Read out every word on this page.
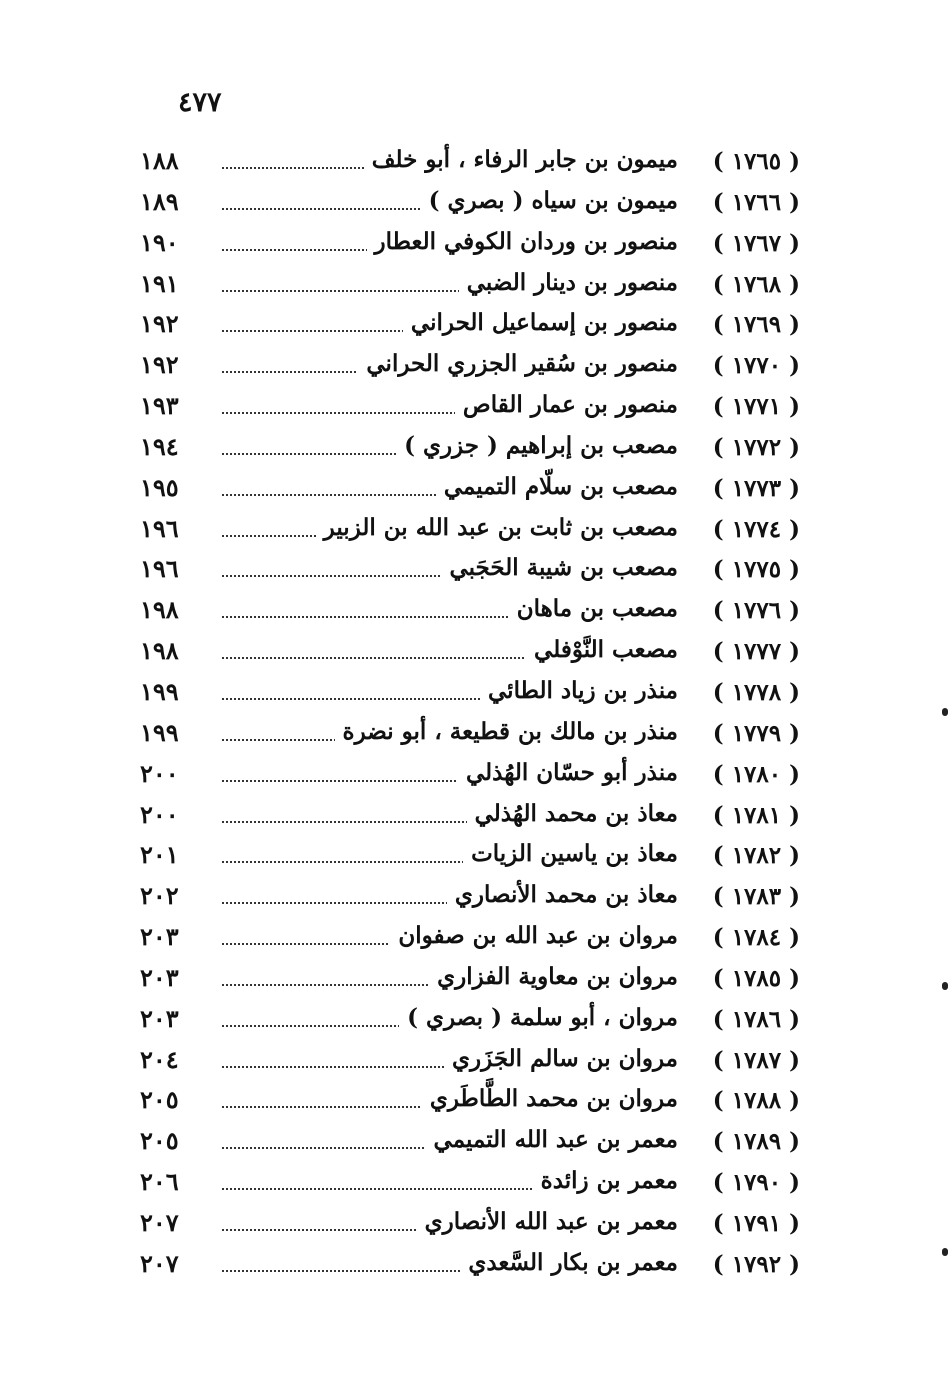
٤٧٧
( ١٧٦٥ )
ميمون بن جابر الرفاء ، أبو خلف
١٨٨
( ١٧٦٦ )
ميمون بن سياه ( بصري )
١٨٩
( ١٧٦٧ )
منصور بن وردان الكوفي العطار
١٩٠
( ١٧٦٨ )
منصور بن دينار الضبي
١٩١
( ١٧٦٩ )
منصور بن إسماعيل الحراني
١٩٢
( ١٧٧٠ )
منصور بن سُقير الجزري الحراني
١٩٢
( ١٧٧١ )
منصور بن عمار القاص
١٩٣
( ١٧٧٢ )
مصعب بن إبراهيم ( جزري )
١٩٤
( ١٧٧٣ )
مصعب بن سلّام التميمي
١٩٥
( ١٧٧٤ )
مصعب بن ثابت بن عبد الله بن الزبير
١٩٦
( ١٧٧٥ )
مصعب بن شيبة الحَجَبي
١٩٦
( ١٧٧٦ )
مصعب بن ماهان
١٩٨
( ١٧٧٧ )
مصعب النَّوْفلي
١٩٨
( ١٧٧٨ )
منذر بن زياد الطائي
١٩٩
( ١٧٧٩ )
منذر بن مالك بن قطيعة ، أبو نضرة
١٩٩
( ١٧٨٠ )
منذر أبو حسّان الهُذلي
٢٠٠
( ١٧٨١ )
معاذ بن محمد الهُذلي
٢٠٠
( ١٧٨٢ )
معاذ بن ياسين الزيات
٢٠١
( ١٧٨٣ )
معاذ بن محمد الأنصاري
٢٠٢
( ١٧٨٤ )
مروان بن عبد الله بن صفوان
٢٠٣
( ١٧٨٥ )
مروان بن معاوية الفزاري
٢٠٣
( ١٧٨٦ )
مروان ، أبو سلمة ( بصري )
٢٠٣
( ١٧٨٧ )
مروان بن سالم الجَزَري
٢٠٤
( ١٧٨٨ )
مروان بن محمد الطَّاطَري
٢٠٥
( ١٧٨٩ )
معمر بن عبد الله التميمي
٢٠٥
( ١٧٩٠ )
معمر بن زائدة
٢٠٦
( ١٧٩١ )
معمر بن عبد الله الأنصاري
٢٠٧
( ١٧٩٢ )
معمر بن بكار السَّعدي
٢٠٧
